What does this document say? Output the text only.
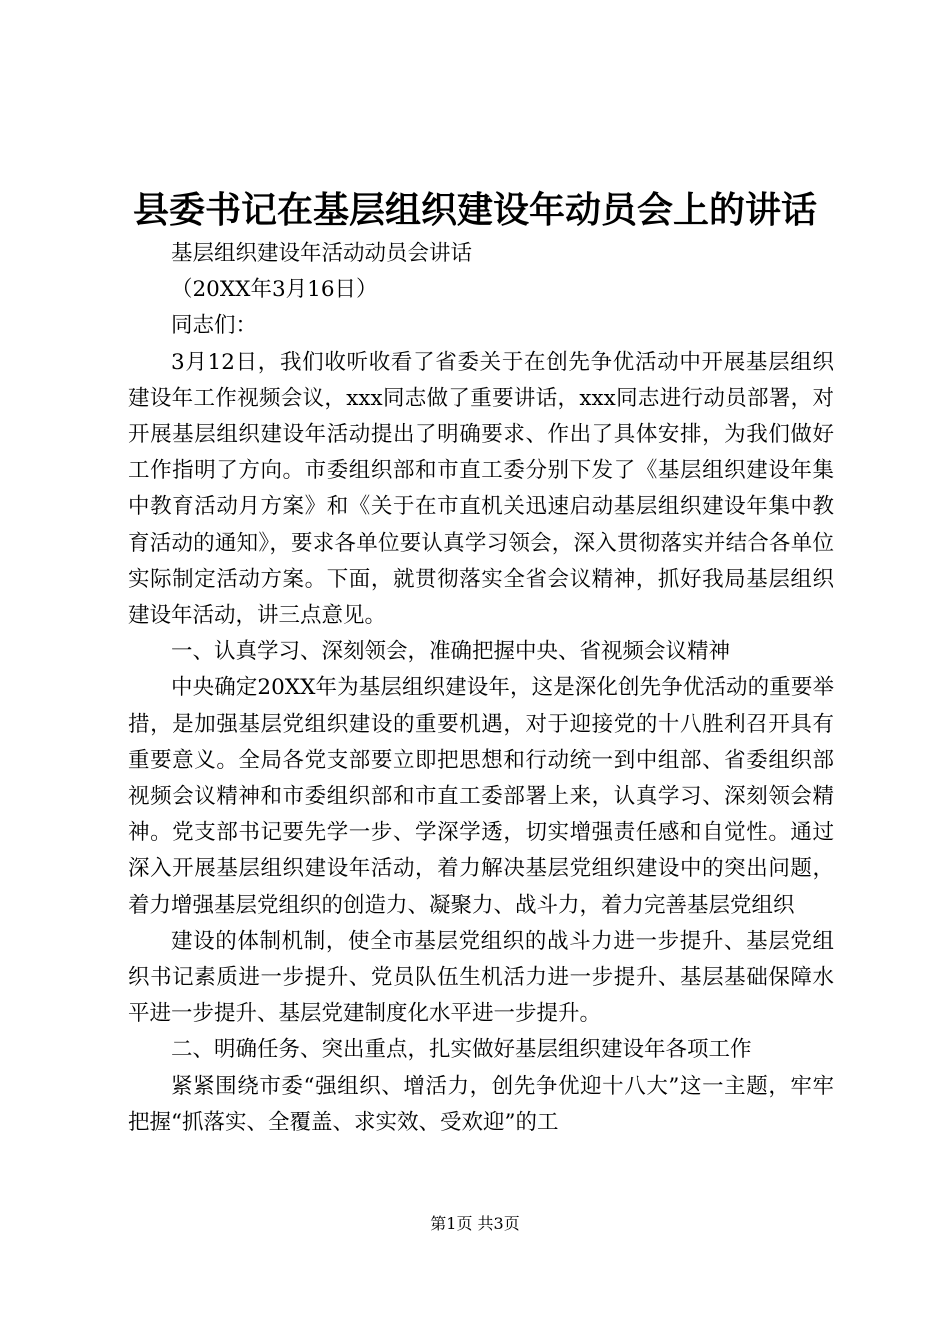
县委书记在基层组织建设年动员会上的讲话

基层组织建设年活动动员会讲话

（20XX年3月16日）

同志们：

3月12日，我们收听收看了省委关于在创先争优活动中开展基层组织建设年工作视频会议，xxx同志做了重要讲话，xxx同志进行动员部署，对开展基层组织建设年活动提出了明确要求、作出了具体安排，为我们做好工作指明了方向。市委组织部和市直工委分别下发了《基层组织建设年集中教育活动月方案》和《关于在市直机关迅速启动基层组织建设年集中教育活动的通知》，要求各单位要认真学习领会，深入贯彻落实并结合各单位实际制定活动方案。下面，就贯彻落实全省会议精神，抓好我局基层组织建设年活动，讲三点意见。

一、认真学习、深刻领会，准确把握中央、省视频会议精神

中央确定20XX年为基层组织建设年，这是深化创先争优活动的重要举措，是加强基层党组织建设的重要机遇，对于迎接党的十八胜利召开具有重要意义。全局各党支部要立即把思想和行动统一到中组部、省委组织部视频会议精神和市委组织部和市直工委部署上来，认真学习、深刻领会精神。党支部书记要先学一步、学深学透，切实增强责任感和自觉性。通过深入开展基层组织建设年活动，着力解决基层党组织建设中的突出问题，着力增强基层党组织的创造力、凝聚力、战斗力，着力完善基层党组织

建设的体制机制，使全市基层党组织的战斗力进一步提升、基层党组织书记素质进一步提升、党员队伍生机活力进一步提升、基层基础保障水平进一步提升、基层党建制度化水平进一步提升。

二、明确任务、突出重点，扎实做好基层组织建设年各项工作

紧紧围绕市委“强组织、增活力，创先争优迎十八大”这一主题，牢牢把握“抓落实、全覆盖、求实效、受欢迎”的工

第1页 共3页
